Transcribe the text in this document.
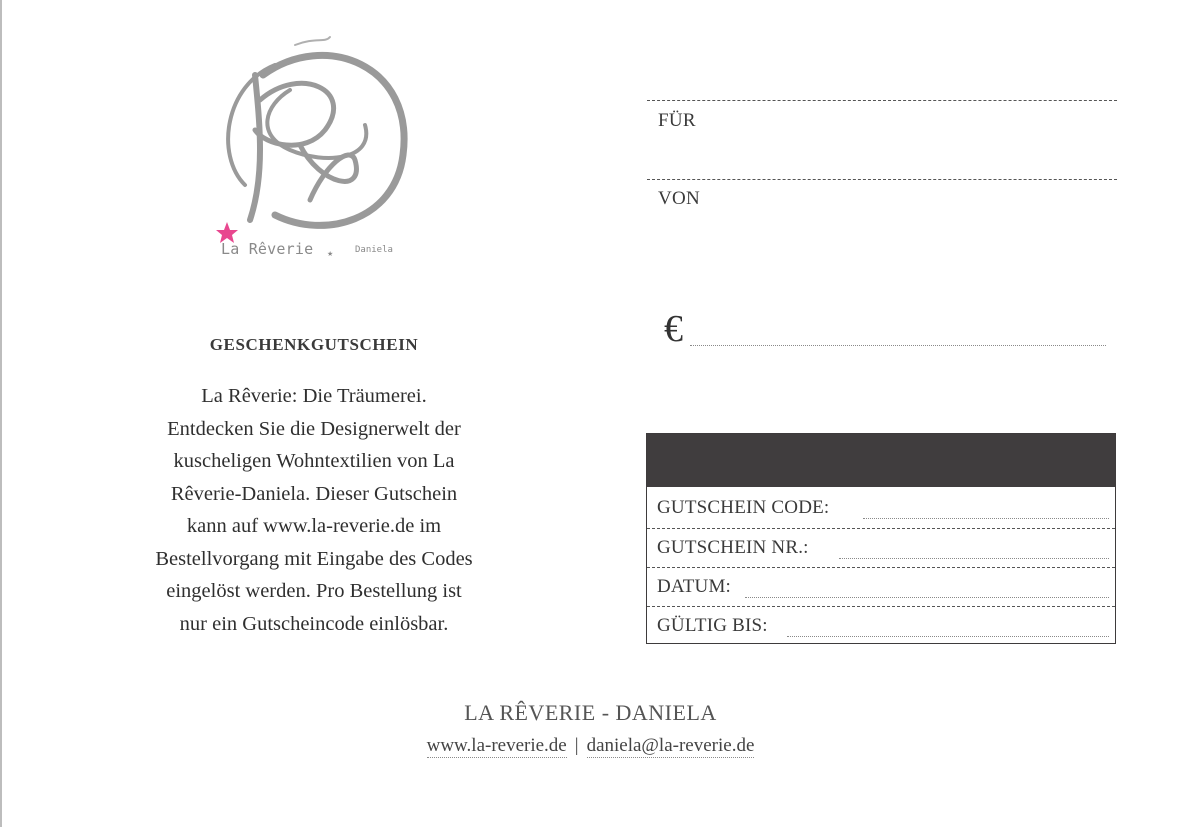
La Rêverie ★ Daniela
GESCHENKGUTSCHEIN

La Rêverie: Die Träumerei.
Entdecken Sie die Designerwelt der
kuscheligen Wohntextilien von La
Rêverie-Daniela. Dieser Gutschein
kann auf www.la-reverie.de im
Bestellvorgang mit Eingabe des Codes
eingelöst werden. Pro Bestellung ist
nur ein Gutscheincode einlösbar.

FÜR
VON
€
GUTSCHEIN CODE:
GUTSCHEIN NR.:
DATUM:
GÜLTIG BIS:
LA RÊVERIE - DANIELA
www.la-reverie.de | daniela@la-reverie.de
